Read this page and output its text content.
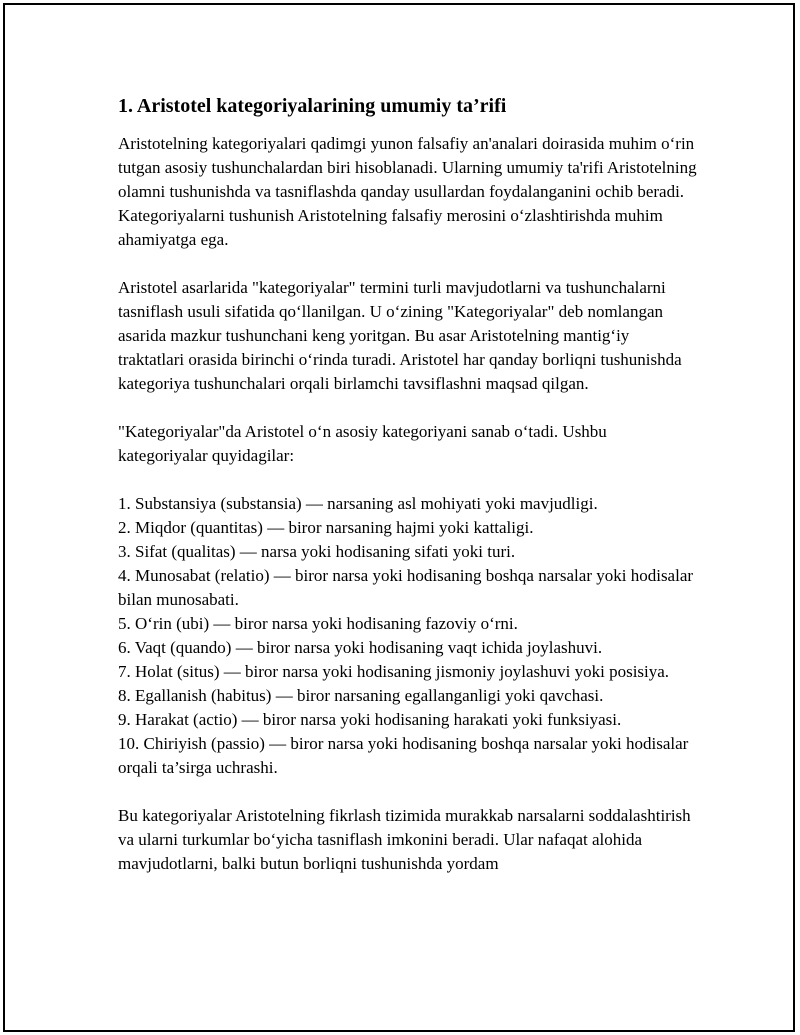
1. Aristotel kategoriyalarining umumiy ta’rifi

Aristotelning kategoriyalari qadimgi yunon falsafiy an'analari doirasida muhim o‘rin tutgan asosiy tushunchalardan biri hisoblanadi. Ularning umumiy ta'rifi Aristotelning olamni tushunishda va tasniflashda qanday usullardan foydalanganini ochib beradi. Kategoriyalarni tushunish Aristotelning falsafiy merosini o‘zlashtirishda muhim ahamiyatga ega.

Aristotel asarlarida "kategoriyalar" termini turli mavjudotlarni va tushunchalarni tasniflash usuli sifatida qo‘llanilgan. U o‘zining "Kategoriyalar" deb nomlangan asarida mazkur tushunchani keng yoritgan. Bu asar Aristotelning mantig‘iy traktatlari orasida birinchi o‘rinda turadi. Aristotel har qanday borliqni tushunishda kategoriya tushunchalari orqali birlamchi tavsiflashni maqsad qilgan.

"Kategoriyalar"da Aristotel o‘n asosiy kategoriyani sanab o‘tadi. Ushbu kategoriyalar quyidagilar:

1. Substansiya (substansia) — narsaning asl mohiyati yoki mavjudligi.
2. Miqdor (quantitas) — biror narsaning hajmi yoki kattaligi.
3. Sifat (qualitas) — narsa yoki hodisaning sifati yoki turi.
4. Munosabat (relatio) — biror narsa yoki hodisaning boshqa narsalar yoki hodisalar bilan munosabati.
5. O‘rin (ubi) — biror narsa yoki hodisaning fazoviy o‘rni.
6. Vaqt (quando) — biror narsa yoki hodisaning vaqt ichida joylashuvi.
7. Holat (situs) — biror narsa yoki hodisaning jismoniy joylashuvi yoki posisiya.
8. Egallanish (habitus) — biror narsaning egallanganligi yoki qavchasi.
9. Harakat (actio) — biror narsa yoki hodisaning harakati yoki funksiyasi.
10. Chiriyish (passio) — biror narsa yoki hodisaning boshqa narsalar yoki hodisalar orqali ta’sirga uchrashi.

Bu kategoriyalar Aristotelning fikrlash tizimida murakkab narsalarni soddalashtirish va ularni turkumlar bo‘yicha tasniflash imkonini beradi. Ular nafaqat alohida mavjudotlarni, balki butun borliqni tushunishda yordam
